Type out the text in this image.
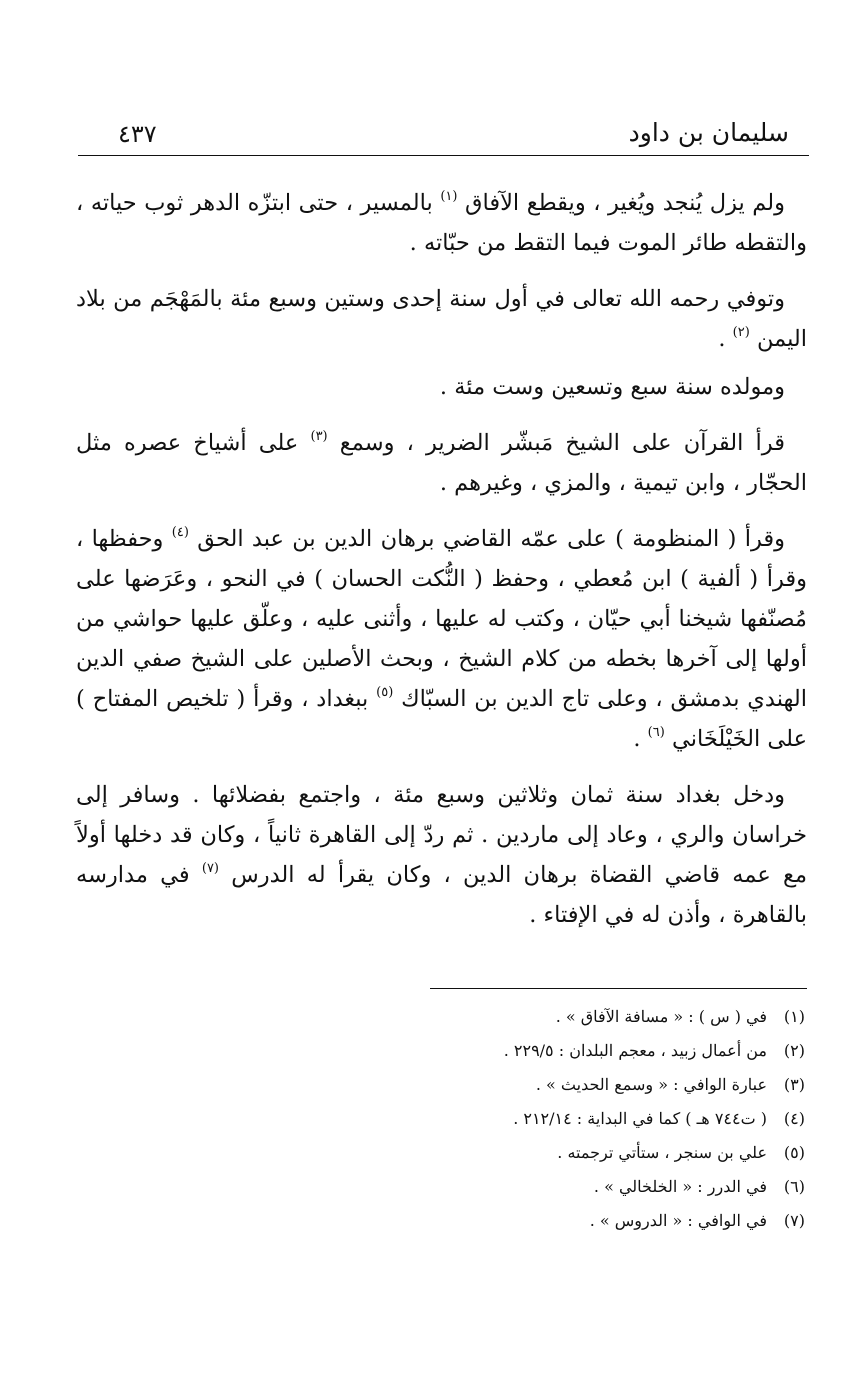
سليمان بن داود
٤٣٧

ولم يزل يُنجد ويُغير ، ويقطع الآفاق $^{(١)}$ بالمسير ، حتى ابتزّه الدهر ثوب حياته ، والتقطه طائر الموت فيما التقط من حبّاته .

وتوفي رحمه الله تعالى في أول سنة إحدى وستين وسبع مئة بالمَهْجَم من بلاد اليمن $^{(٢)}$ .

ومولده سنة سبع وتسعين وست مئة .

قرأ القرآن على الشيخ مَبشّر الضرير ، وسمع $^{(٣)}$ على أشياخ عصره مثل الحجّار ، وابن تيمية ، والمزي ، وغيرهم .

وقرأ ( المنظومة ) على عمّه القاضي برهان الدين بن عبد الحق $^{(٤)}$ وحفظها ، وقرأ ( ألفية ) ابن مُعطي ، وحفظ ( النُّكت الحسان ) في النحو ، وعَرَضها على مُصنّفها شيخنا أبي حيّان ، وكتب له عليها ، وأثنى عليه ، وعلّق عليها حواشي من أولها إلى آخرها بخطه من كلام الشيخ ، وبحث الأصلين على الشيخ صفي الدين الهندي بدمشق ، وعلى تاج الدين بن السبّاك $^{(٥)}$ ببغداد ، وقرأ ( تلخيص المفتاح ) على الخَيْلَخَاني $^{(٦)}$ .

ودخل بغداد سنة ثمان وثلاثين وسبع مئة ، واجتمع بفضلائها . وسافر إلى خراسان والري ، وعاد إلى ماردين . ثم ردّ إلى القاهرة ثانياً ، وكان قد دخلها أولاً مع عمه قاضي القضاة برهان الدين ، وكان يقرأ له الدرس $^{(٧)}$ في مدارسه بالقاهرة ، وأذن له في الإفتاء .

(١)
في ( س ) : « مسافة الآفاق » .
(٢)
من أعمال زبيد ، معجم البلدان : ٢٢٩/٥ .
(٣)
عبارة الوافي : « وسمع الحديث » .
(٤)
( ت٧٤٤ هـ ) كما في البداية : ٢١٢/١٤ .
(٥)
علي بن سنجر ، ستأتي ترجمته .
(٦)
في الدرر : « الخلخالي » .
(٧)
في الوافي : « الدروس » .
